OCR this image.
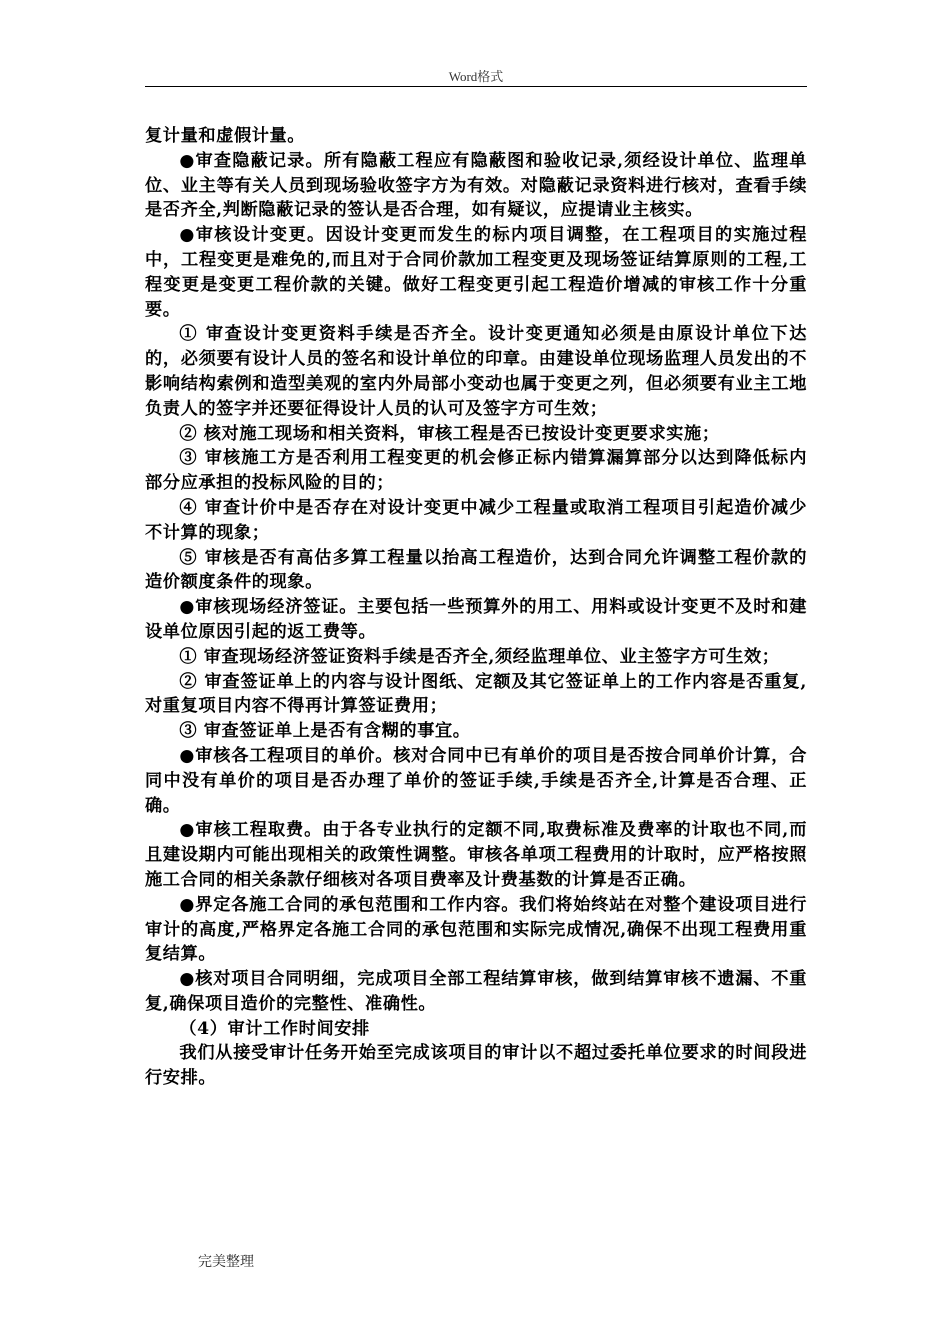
Word格式

复计量和虚假计量。

●审查隐蔽记录。所有隐蔽工程应有隐蔽图和验收记录,须经设计单位、监理单位、业主等有关人员到现场验收签字方为有效。对隐蔽记录资料进行核对，查看手续是否齐全,判断隐蔽记录的签认是否合理，如有疑议，应提请业主核实。

●审核设计变更。因设计变更而发生的标内项目调整，在工程项目的实施过程中，工程变更是难免的,而且对于合同价款加工程变更及现场签证结算原则的工程,工程变更是变更工程价款的关键。做好工程变更引起工程造价增减的审核工作十分重要。

① 审查设计变更资料手续是否齐全。设计变更通知必须是由原设计单位下达的，必须要有设计人员的签名和设计单位的印章。由建设单位现场监理人员发出的不影响结构索例和造型美观的室内外局部小变动也属于变更之列，但必须要有业主工地负责人的签字并还要征得设计人员的认可及签字方可生效；

② 核对施工现场和相关资料，审核工程是否已按设计变更要求实施；

③ 审核施工方是否利用工程变更的机会修正标内错算漏算部分以达到降低标内部分应承担的投标风险的目的；

④ 审查计价中是否存在对设计变更中减少工程量或取消工程项目引起造价减少不计算的现象；

⑤ 审核是否有高估多算工程量以抬高工程造价，达到合同允许调整工程价款的造价额度条件的现象。

●审核现场经济签证。主要包括一些预算外的用工、用料或设计变更不及时和建设单位原因引起的返工费等。

① 审查现场经济签证资料手续是否齐全,须经监理单位、业主签字方可生效；

② 审查签证单上的内容与设计图纸、定额及其它签证单上的工作内容是否重复,对重复项目内容不得再计算签证费用；

③ 审查签证单上是否有含糊的事宜。

●审核各工程项目的单价。核对合同中已有单价的项目是否按合同单价计算，合同中没有单价的项目是否办理了单价的签证手续,手续是否齐全,计算是否合理、正确。

●审核工程取费。由于各专业执行的定额不同,取费标准及费率的计取也不同,而且建设期内可能出现相关的政策性调整。审核各单项工程费用的计取时，应严格按照施工合同的相关条款仔细核对各项目费率及计费基数的计算是否正确。

●界定各施工合同的承包范围和工作内容。我们将始终站在对整个建设项目进行审计的高度,严格界定各施工合同的承包范围和实际完成情况,确保不出现工程费用重复结算。

●核对项目合同明细，完成项目全部工程结算审核，做到结算审核不遗漏、不重复,确保项目造价的完整性、准确性。

（4）审计工作时间安排

我们从接受审计任务开始至完成该项目的审计以不超过委托单位要求的时间段进行安排。

完美整理
